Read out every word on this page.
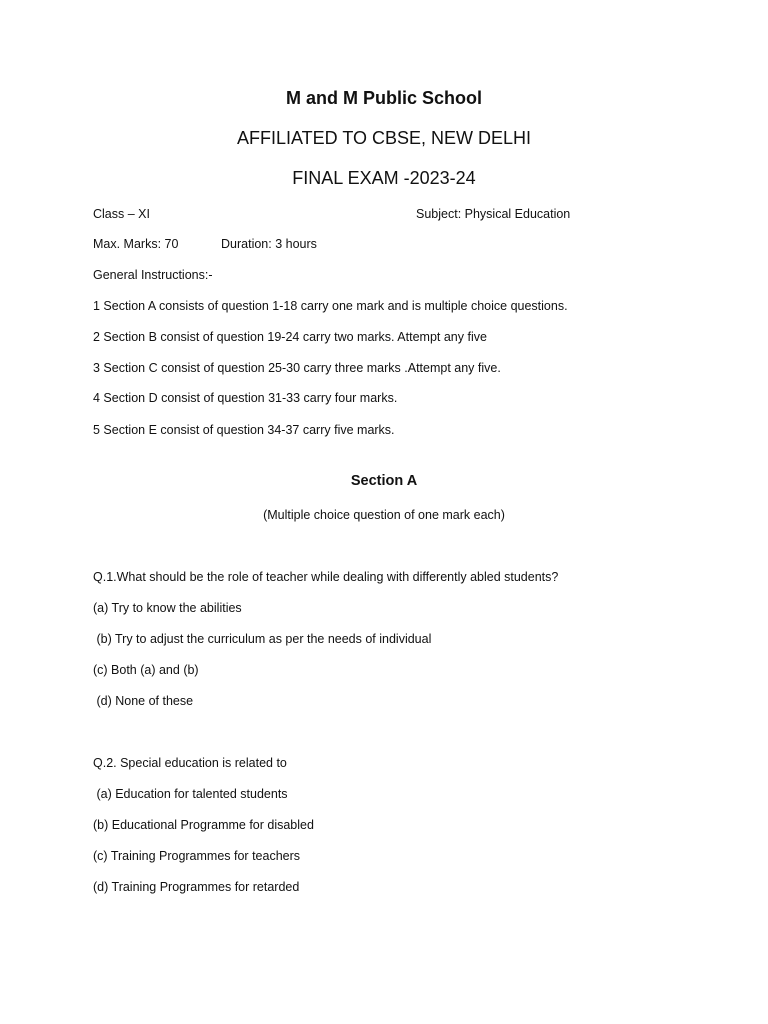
M and M Public School
AFFILIATED TO CBSE, NEW DELHI
FINAL EXAM -2023-24
Class – XI	Subject: Physical Education
Max. Marks: 70	Duration: 3 hours
General Instructions:-
1 Section A consists of question 1-18 carry one mark and is multiple choice questions.
2 Section B consist of question 19-24 carry two marks. Attempt any five
3 Section C consist of question 25-30 carry three marks .Attempt any five.
4 Section D consist of question 31-33 carry four marks.
5 Section E consist of question 34-37 carry five marks.
Section A
(Multiple choice question of one mark each)
Q.1.What should be the role of teacher while dealing with differently abled students?
(a) Try to know the abilities
(b) Try to adjust the curriculum as per the needs of individual
(c) Both (a) and (b)
(d) None of these
Q.2. Special education is related to
(a) Education for talented students
(b) Educational Programme for disabled
(c) Training Programmes for teachers
(d) Training Programmes for retarded
